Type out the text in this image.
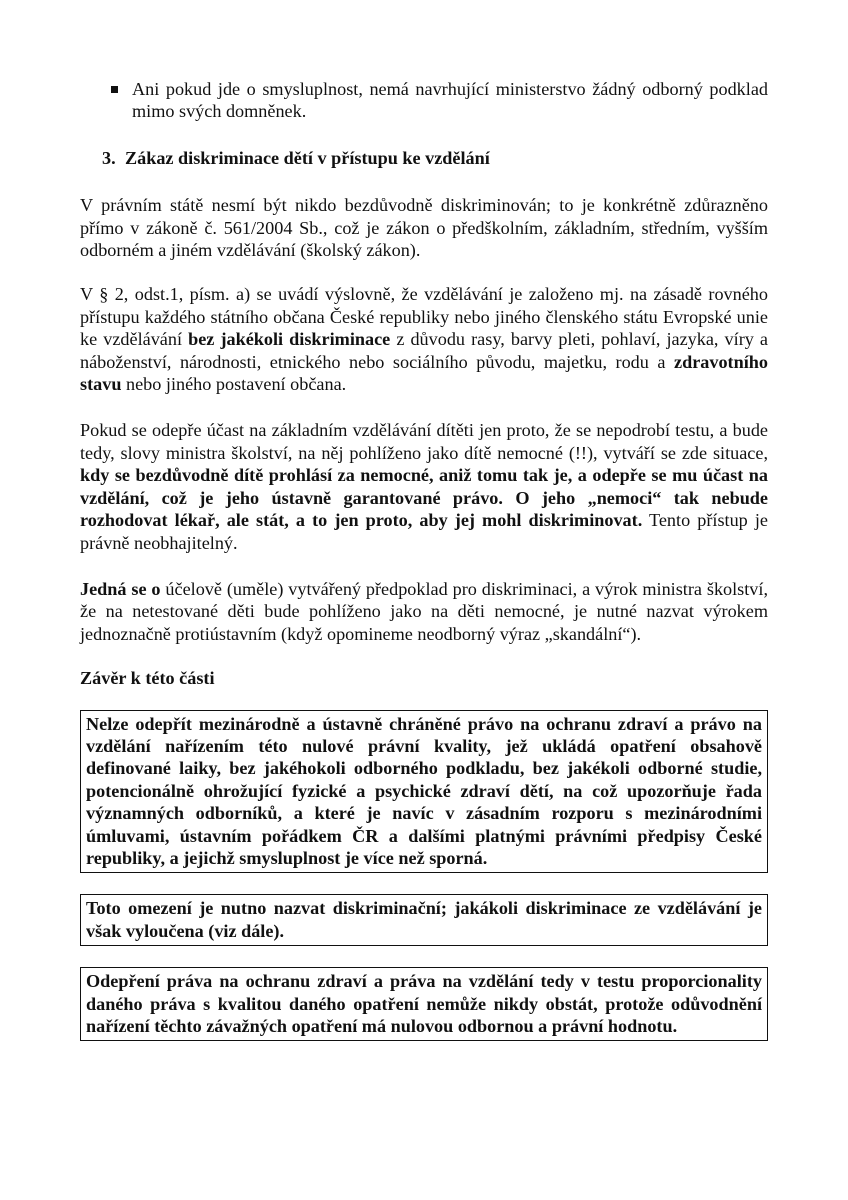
Ani pokud jde o smysluplnost, nemá navrhující ministerstvo žádný odborný podklad mimo svých domněnek.
3. Zákaz diskriminace dětí v přístupu ke vzdělání

V právním státě nesmí být nikdo bezdůvodně diskriminován; to je konkrétně zdůrazněno přímo v zákoně č. 561/2004 Sb., což je zákon o předškolním, základním, středním, vyšším odborném a jiném vzdělávání (školský zákon).

V § 2, odst.1, písm. a) se uvádí výslovně, že vzdělávání je založeno mj. na zásadě rovného přístupu každého státního občana České republiky nebo jiného členského státu Evropské unie ke vzdělávání bez jakékoli diskriminace z důvodu rasy, barvy pleti, pohlaví, jazyka, víry a náboženství, národnosti, etnického nebo sociálního původu, majetku, rodu a zdravotního stavu nebo jiného postavení občana.

Pokud se odepře účast na základním vzdělávání dítěti jen proto, že se nepodrobí testu, a bude tedy, slovy ministra školství, na něj pohlíženo jako dítě nemocné (!!), vytváří se zde situace, kdy se bezdůvodně dítě prohlásí za nemocné, aniž tomu tak je, a odepře se mu účast na vzdělání, což je jeho ústavně garantované právo. O jeho „nemoci“ tak nebude rozhodovat lékař, ale stát, a to jen proto, aby jej mohl diskriminovat. Tento přístup je právně neobhajitelný.

Jedná se o účelově (uměle) vytvářený předpoklad pro diskriminaci, a výrok ministra školství, že na netestované děti bude pohlíženo jako na děti nemocné, je nutné nazvat výrokem jednoznačně protiústavním (když opomineme neodborný výraz „skandální“).

Závěr k této části

Nelze odepřít mezinárodně a ústavně chráněné právo na ochranu zdraví a právo na vzdělání nařízením této nulové právní kvality, jež ukládá opatření obsahově definované laiky, bez jakéhokoli odborného podkladu, bez jakékoli odborné studie, potencionálně ohrožující fyzické a psychické zdraví dětí, na což upozorňuje řada významných odborníků, a které je navíc v zásadním rozporu s mezinárodními úmluvami, ústavním pořádkem ČR a dalšími platnými právními předpisy České republiky, a jejichž smysluplnost je více než sporná.
Toto omezení je nutno nazvat diskriminační; jakákoli diskriminace ze vzdělávání je však vyloučena (viz dále).
Odepření práva na ochranu zdraví a práva na vzdělání tedy v testu proporcionality daného práva s kvalitou daného opatření nemůže nikdy obstát, protože odůvodnění nařízení těchto závažných opatření má nulovou odbornou a právní hodnotu.
